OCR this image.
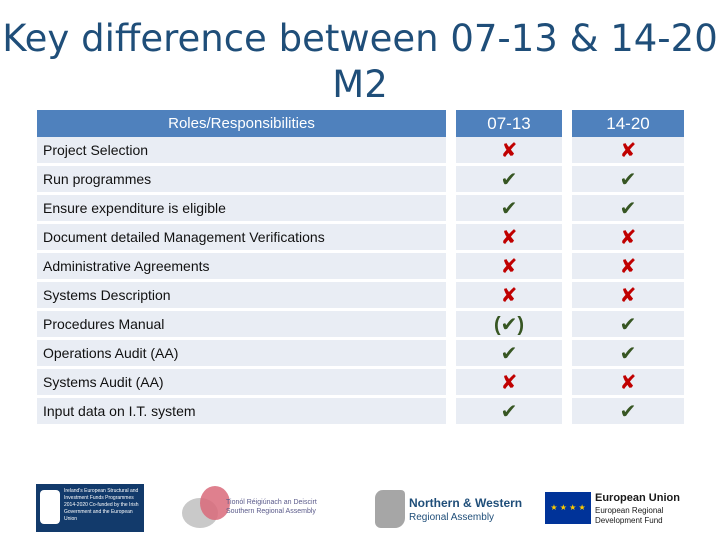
Key difference between 07-13 & 14-20
M2
Roles/Responsibilities		07-13		14-20
Project Selection		✘		✘
Run programmes		✔		✔
Ensure expenditure is eligible		✔		✔
Document detailed Management Verifications		✘		✘
Administrative Agreements		✘		✘
Systems Description		✘		✘
Procedures Manual		(✔)		✔
Operations Audit (AA)		✔		✔
Systems Audit (AA)		✘		✘
Input data on I.T. system		✔		✔
Ireland's European Structural and Investment Funds Programmes 2014-2020 Co-funded by the Irish Government and the European Union
Tionól Réigiúnach an Deiscirt Southern Regional Assembly
Northern & Western
Regional Assembly
★ ★ ★ ★
European Union
European Regional Development Fund
